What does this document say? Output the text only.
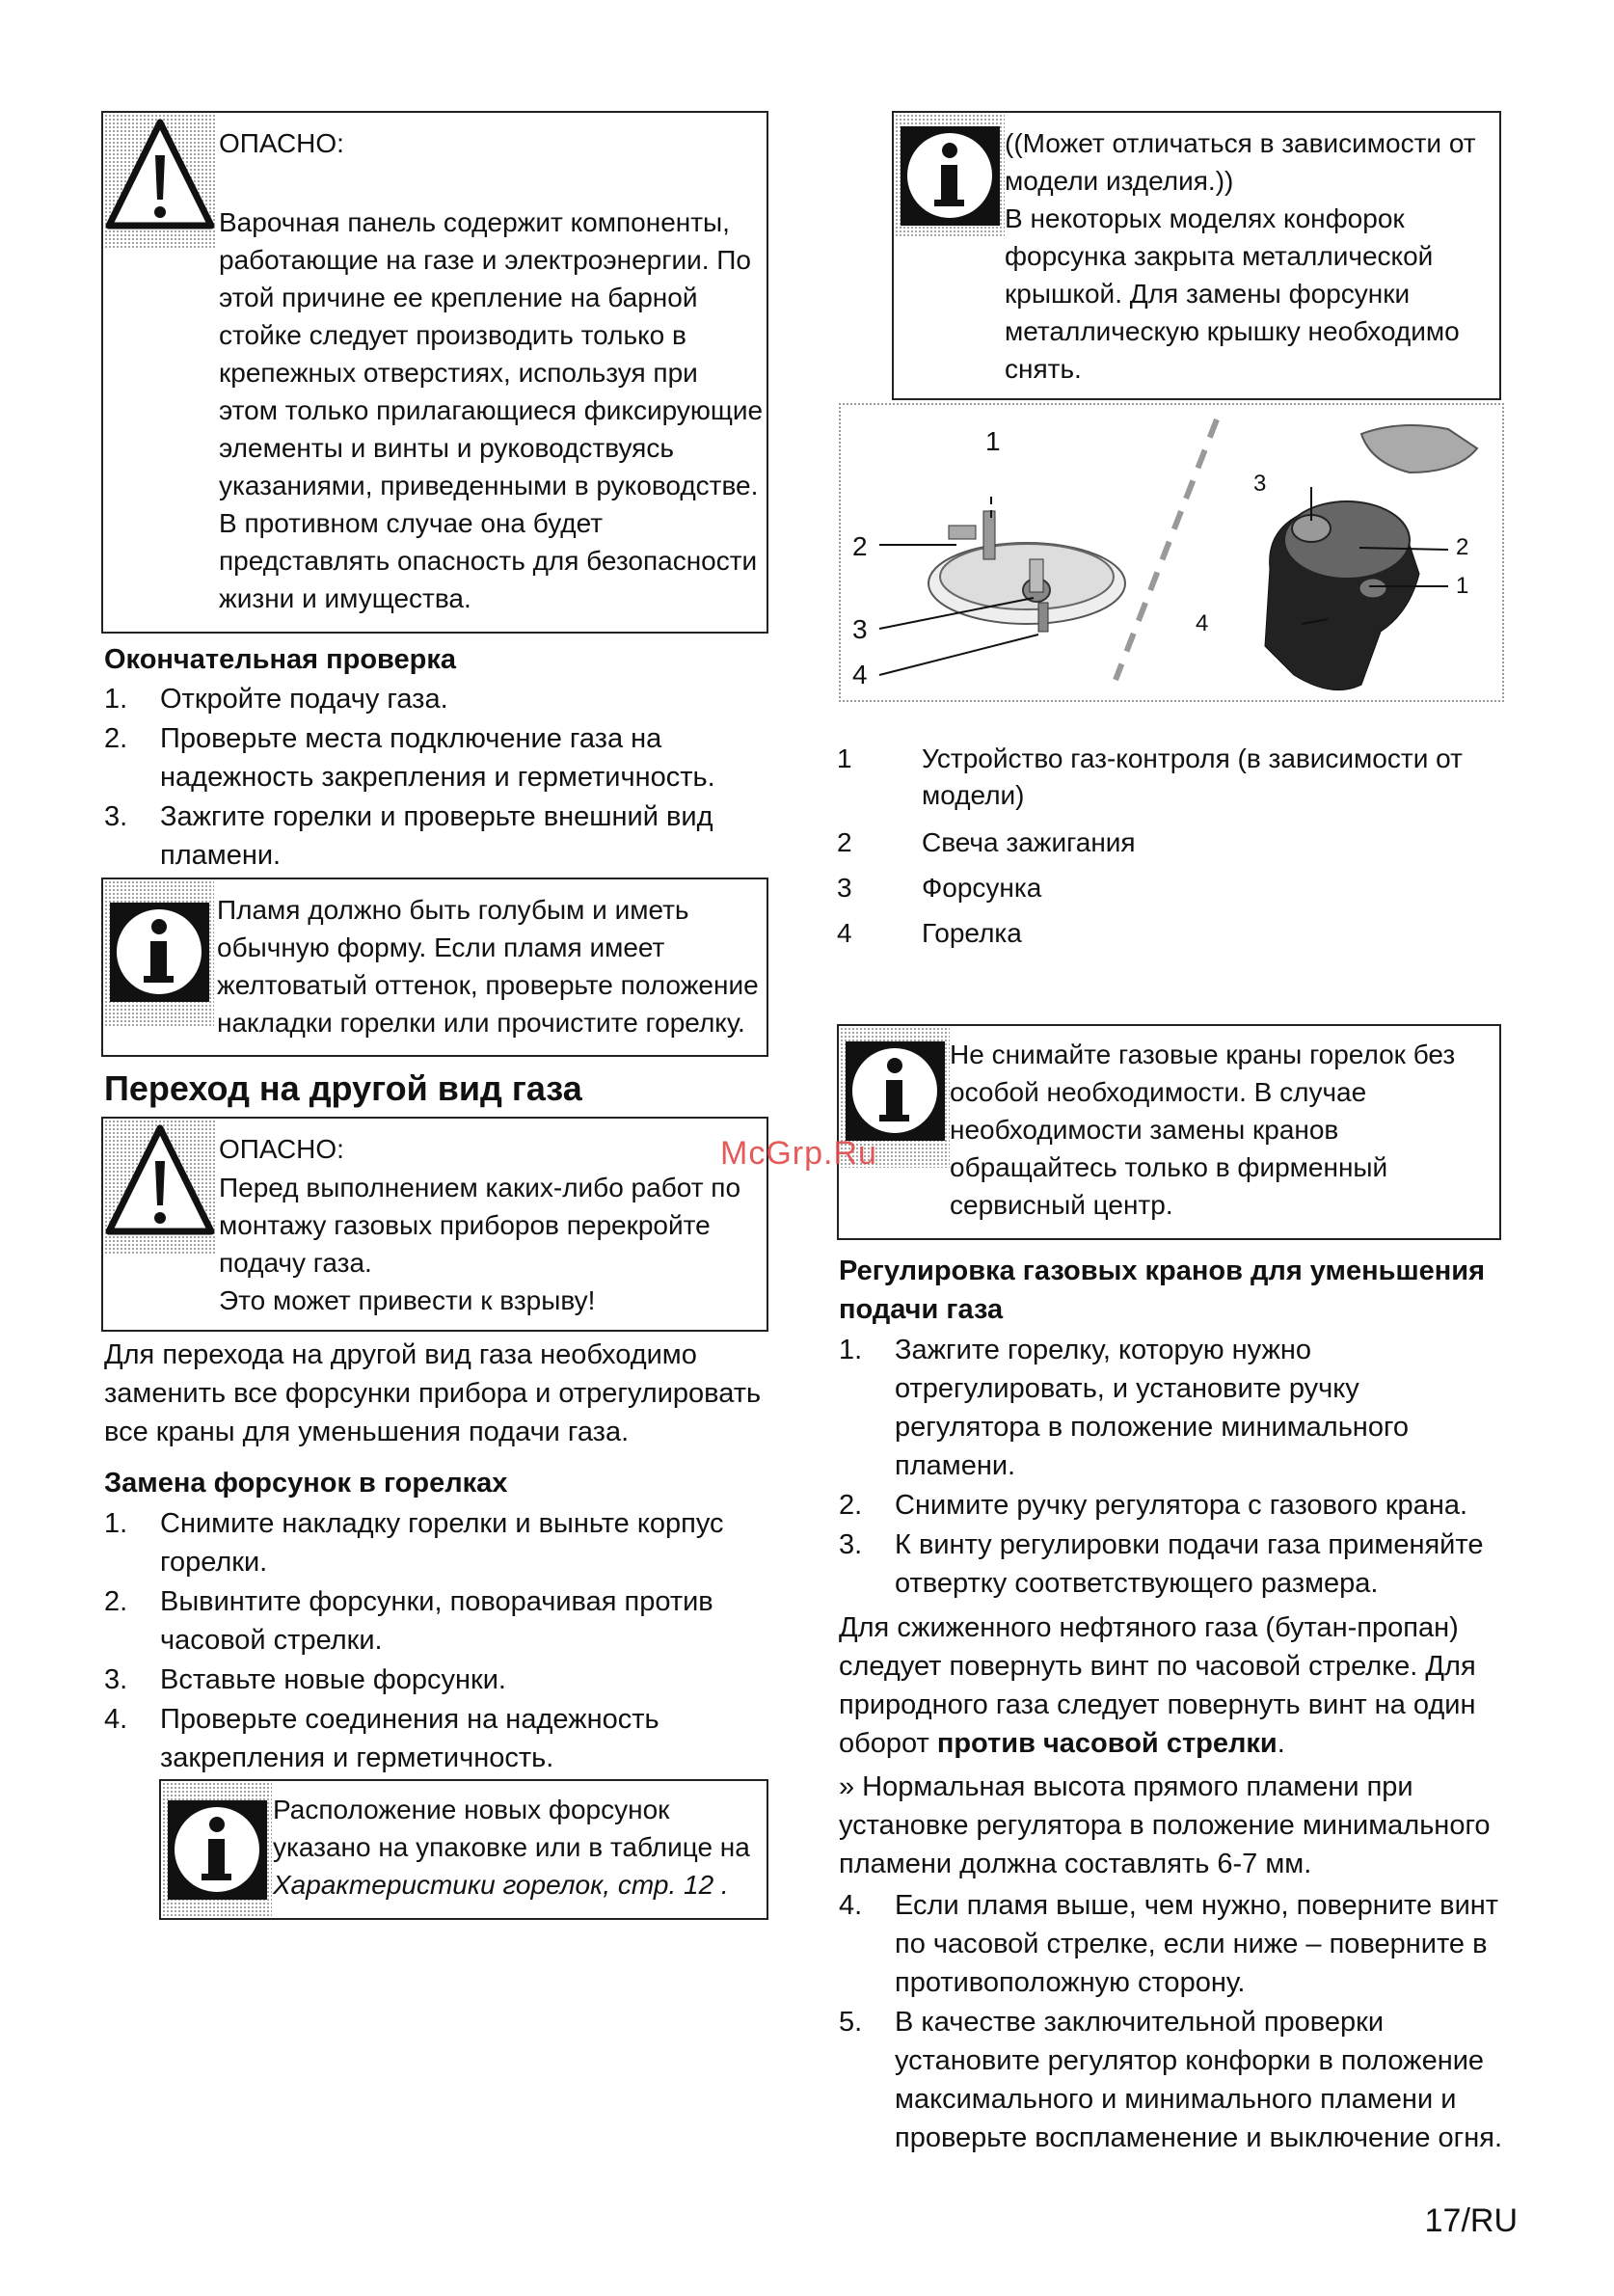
ОПАСНО:
Варочная панель содержит компоненты,
работающие на газе и электроэнергии. По
этой причине ее крепление на барной
стойке следует производить только в
крепежных отверстиях, используя при
этом только прилагающиеся фиксирующие
элементы и винты и руководствуясь
указаниями, приведенными в руководстве.
В противном случае она будет
представлять опасность для безопасности
жизни и имущества.
Окончательная проверка
1. Откройте подачу газа.
2. Проверьте места подключение газа на
надежность закрепления и герметичность.
3. Зажгите горелки и проверьте внешний вид
пламени.
Пламя должно быть голубым и иметь
обычную форму. Если пламя имеет
желтоватый оттенок, проверьте положение
накладки горелки или прочистите горелку.
Переход на другой вид газа
ОПАСНО:
Перед выполнением каких-либо работ по
монтажу газовых приборов перекройте
подачу газа.
Это может привести к взрыву!
Для перехода на другой вид газа необходимо
заменить все форсунки прибора и отрегулировать
все краны для уменьшения подачи газа.
Замена форсунок в горелках
1. Снимите накладку горелки и выньте корпус
горелки.
2. Вывинтите форсунки, поворачивая против
часовой стрелки.
3. Вставьте новые форсунки.
4. Проверьте соединения на надежность
закрепления и герметичность.
Расположение новых форсунок
указано на упаковке или в таблице на
Характеристики горелок, стр. 12 .
((Может отличаться в зависимости от
модели изделия.))
В некоторых моделях конфорок
форсунка закрыта металлической
крышкой. Для замены форсунки
металлическую крышку необходимо
снять.
1
2
3
4
3
2
1
4
1	Устройство газ-контроля (в зависимости от
модели)
2	Свеча зажигания
3	Форсунка
4	Горелка
Не снимайте газовые краны горелок без
особой необходимости. В случае
необходимости замены кранов
обращайтесь только в фирменный
сервисный центр.
Регулировка газовых кранов для уменьшения
подачи газа
1. Зажгите горелку, которую нужно
отрегулировать, и установите ручку
регулятора в положение минимального
пламени.
2. Снимите ручку регулятора с газового крана.
3. К винту регулировки подачи газа применяйте
отвертку соответствующего размера.
Для сжиженного нефтяного газа (бутан-пропан)
следует повернуть винт по часовой стрелке. Для
природного газа следует повернуть винт на один
оборот против часовой стрелки.
» Нормальная высота прямого пламени при
установке регулятора в положение минимального
пламени должна составлять 6-7 мм.
4. Если пламя выше, чем нужно, поверните винт
по часовой стрелке, если ниже – поверните в
противоположную сторону.
5. В качестве заключительной проверки
установите регулятор конфорки в положение
максимального и минимального пламени и
проверьте воспламенение и выключение огня.
McGrp.Ru
17/RU
